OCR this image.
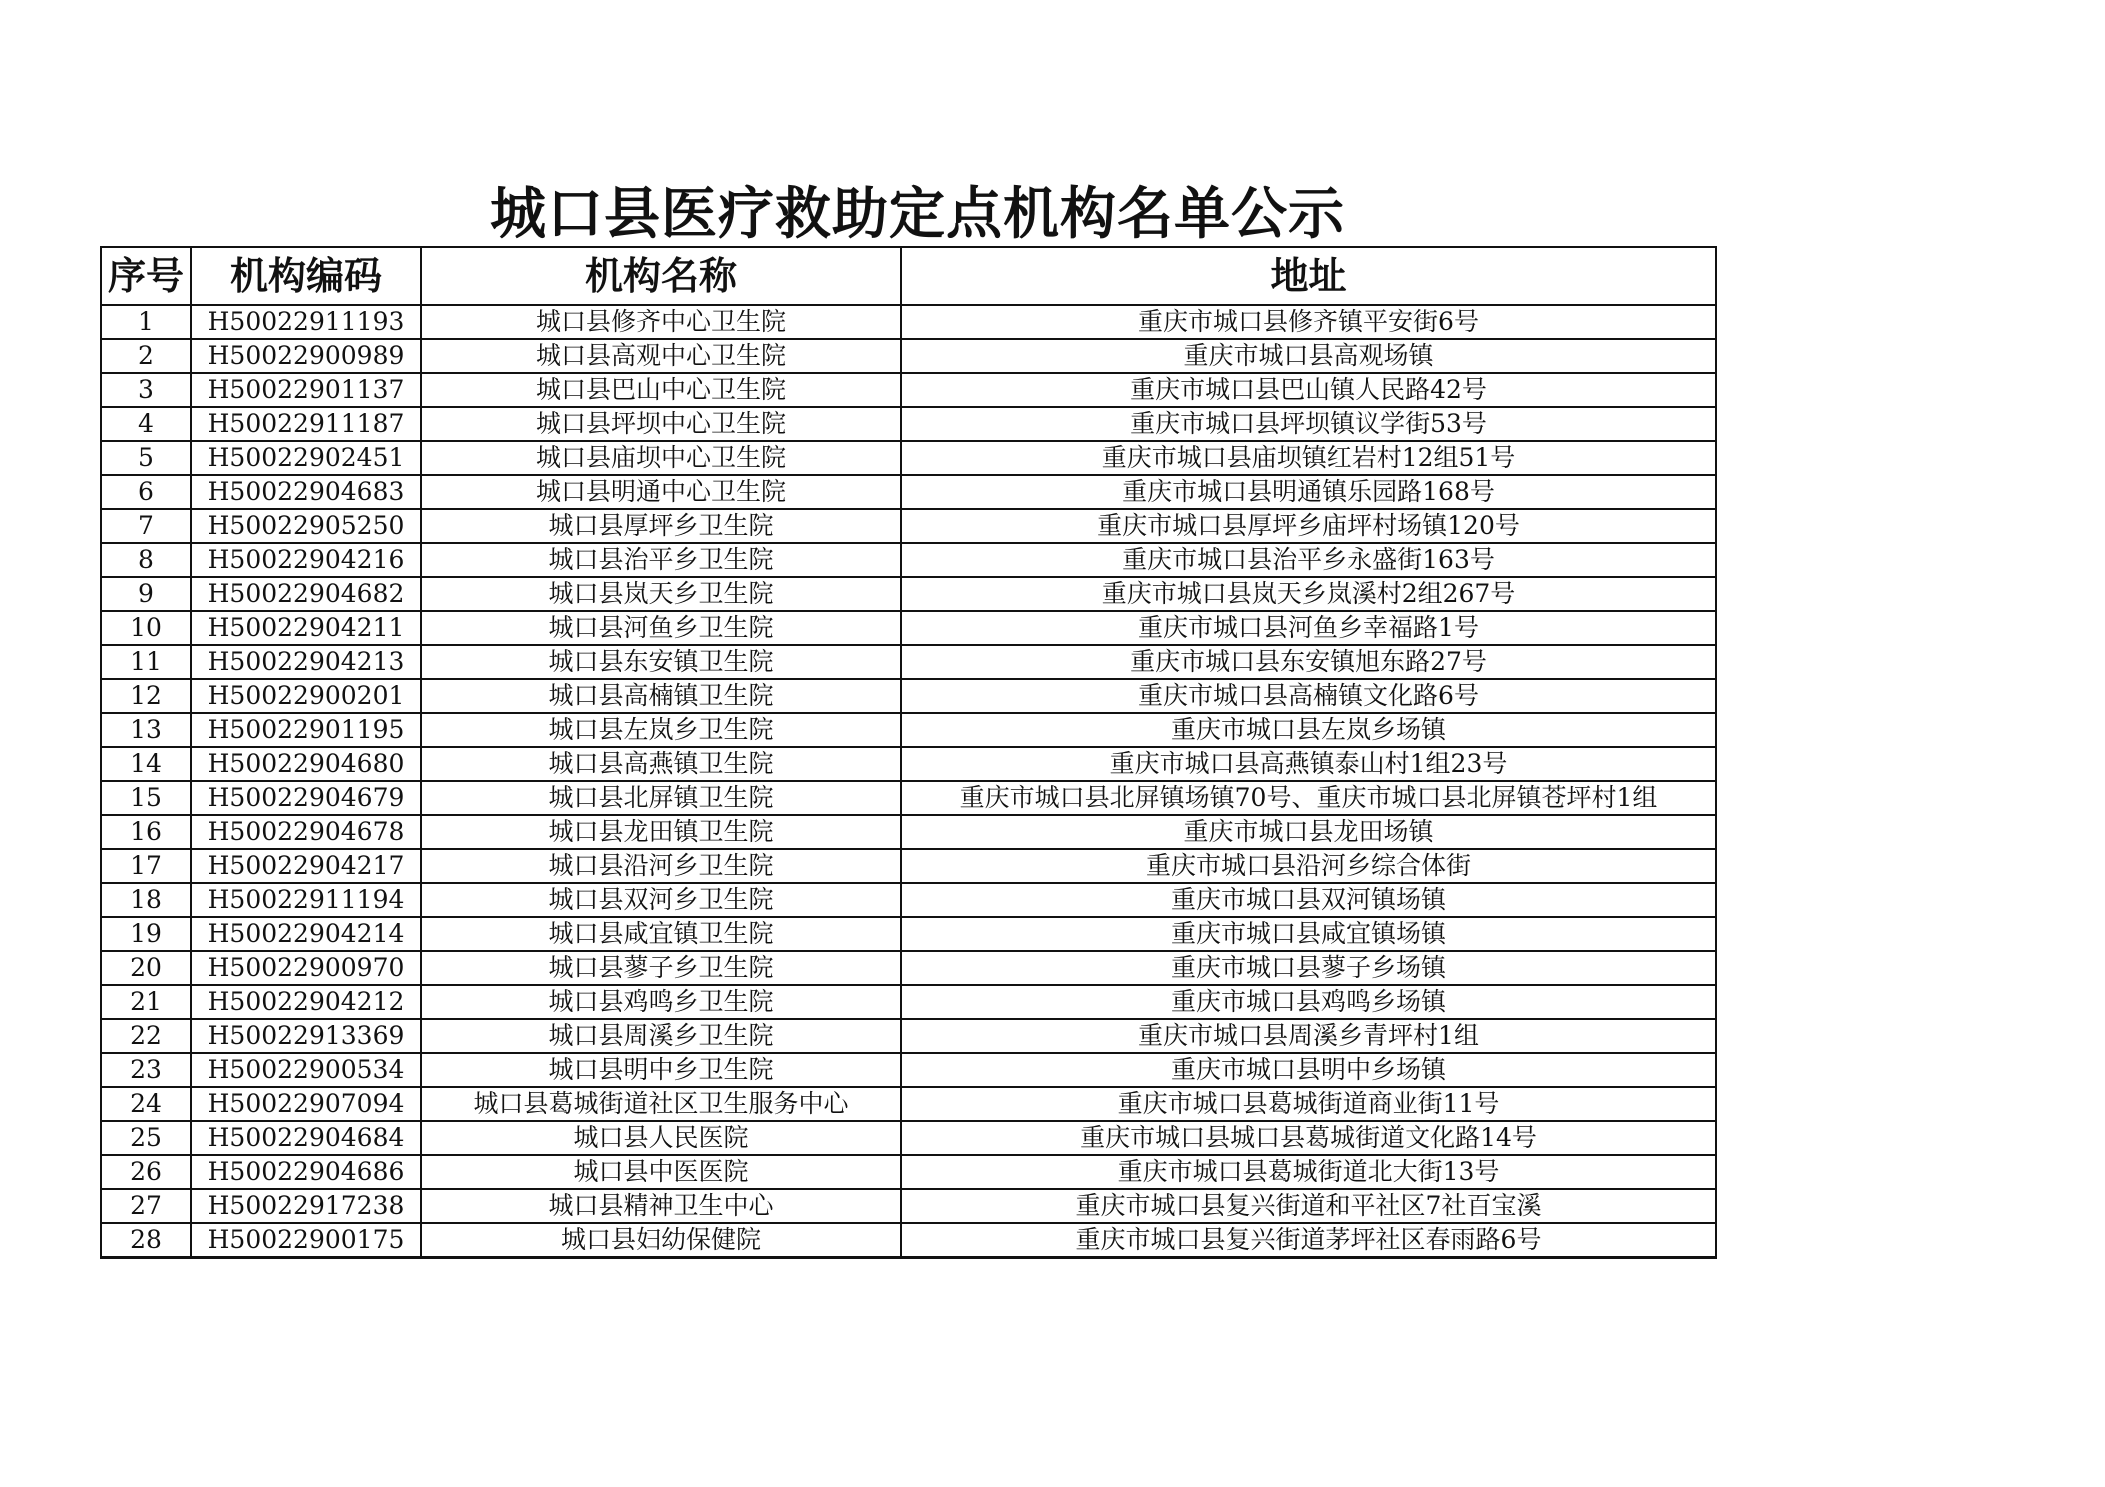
城口县医疗救助定点机构名单公示
序号	机构编码	机构名称	地址
1	H50022911193	城口县修齐中心卫生院	重庆市城口县修齐镇平安街6号
2	H50022900989	城口县高观中心卫生院	重庆市城口县高观场镇
3	H50022901137	城口县巴山中心卫生院	重庆市城口县巴山镇人民路42号
4	H50022911187	城口县坪坝中心卫生院	重庆市城口县坪坝镇议学街53号
5	H50022902451	城口县庙坝中心卫生院	重庆市城口县庙坝镇红岩村12组51号
6	H50022904683	城口县明通中心卫生院	重庆市城口县明通镇乐园路168号
7	H50022905250	城口县厚坪乡卫生院	重庆市城口县厚坪乡庙坪村场镇120号
8	H50022904216	城口县治平乡卫生院	重庆市城口县治平乡永盛街163号
9	H50022904682	城口县岚天乡卫生院	重庆市城口县岚天乡岚溪村2组267号
10	H50022904211	城口县河鱼乡卫生院	重庆市城口县河鱼乡幸福路1号
11	H50022904213	城口县东安镇卫生院	重庆市城口县东安镇旭东路27号
12	H50022900201	城口县高楠镇卫生院	重庆市城口县高楠镇文化路6号
13	H50022901195	城口县左岚乡卫生院	重庆市城口县左岚乡场镇
14	H50022904680	城口县高燕镇卫生院	重庆市城口县高燕镇泰山村1组23号
15	H50022904679	城口县北屏镇卫生院	重庆市城口县北屏镇场镇70号、重庆市城口县北屏镇苍坪村1组
16	H50022904678	城口县龙田镇卫生院	重庆市城口县龙田场镇
17	H50022904217	城口县沿河乡卫生院	重庆市城口县沿河乡综合体街
18	H50022911194	城口县双河乡卫生院	重庆市城口县双河镇场镇
19	H50022904214	城口县咸宜镇卫生院	重庆市城口县咸宜镇场镇
20	H50022900970	城口县蓼子乡卫生院	重庆市城口县蓼子乡场镇
21	H50022904212	城口县鸡鸣乡卫生院	重庆市城口县鸡鸣乡场镇
22	H50022913369	城口县周溪乡卫生院	重庆市城口县周溪乡青坪村1组
23	H50022900534	城口县明中乡卫生院	重庆市城口县明中乡场镇
24	H50022907094	城口县葛城街道社区卫生服务中心	重庆市城口县葛城街道商业街11号
25	H50022904684	城口县人民医院	重庆市城口县城口县葛城街道文化路14号
26	H50022904686	城口县中医医院	重庆市城口县葛城街道北大街13号
27	H50022917238	城口县精神卫生中心	重庆市城口县复兴街道和平社区7社百宝溪
28	H50022900175	城口县妇幼保健院	重庆市城口县复兴街道茅坪社区春雨路6号
